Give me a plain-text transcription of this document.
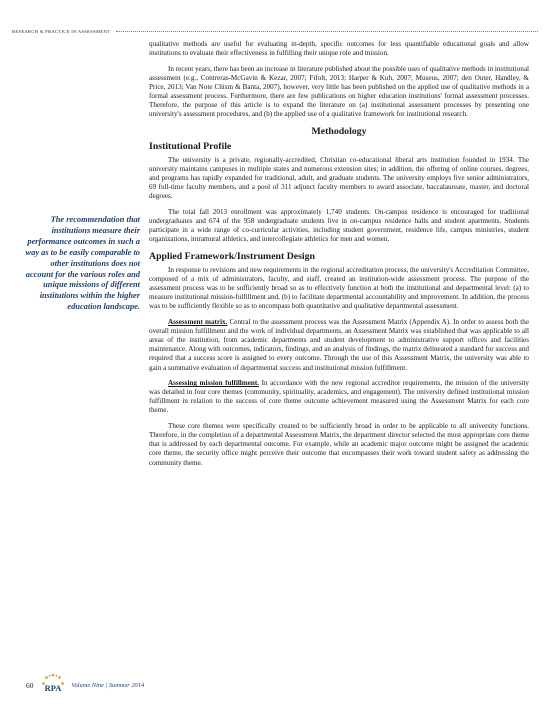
RESEARCH & PRACTICE IN ASSESSMENT
The recommendation that institutions measure their performance outcomes in such a way as to be easily comparable to other institutions does not account for the various roles and unique missions of different institutions within the higher education landscape.

qualitative methods are useful for evaluating in-depth, specific outcomes for less quantifiable educational goals and allow institutions to evaluate their effectiveness in fulfilling their unique role and mission.

In recent years, there has been an increase in literature published about the possible uses of qualitative methods in institutional assessment (e.g., Contreras-McGavin & Kezar, 2007; Fifolt, 2013; Harper & Kuh, 2007; Museus, 2007; den Outer, Handley, & Price, 2013; Van Note Chism & Banta, 2007), however, very little has been published on the applied use of qualitative methods in a formal assessment process. Furthermore, there are few publications on higher education institutions' formal assessment processes. Therefore, the purpose of this article is to expand the literature on (a) institutional assessment processes by presenting one university's assessment procedures, and (b) the applied use of a qualitative framework for institutional research.

Methodology
Institutional Profile

The university is a private, regionally-accredited, Christian co-educational liberal arts institution founded in 1934. The university maintains campuses in multiple states and numerous extension sites; in addition, the offering of online courses, degrees, and programs has rapidly expanded for traditional, adult, and graduate students. The university employs five senior administrators, 69 full-time faculty members, and a pool of 311 adjunct faculty members to award associate, baccalaureate, master, and doctoral degrees.

The total fall 2013 enrollment was approximately 1,740 students. On-campus residence is encouraged for traditional undergraduates and 674 of the 958 undergraduate students live in on-campus residence halls and student apartments. Students participate in a wide range of co-curricular activities, including student government, residence life, campus ministries, student organizations, intramural athletics, and intercollegiate athletics for men and women.

Applied Framework/Instrument Design

In response to revisions and new requirements in the regional accreditation process, the university's Accreditation Committee, composed of a mix of administrators, faculty, and staff, created an institution-wide assessment process. The purpose of the assessment process was to be sufficiently broad so as to effectively function at both the institutional and departmental level: (a) to measure institutional mission-fulfillment and, (b) to facilitate departmental accountability and improvement. In addition, the process was to be sufficiently flexible so as to encompass both quantitative and qualitative departmental assessment.

Assessment matrix. Central to the assessment process was the Assessment Matrix (Appendix A). In order to assess both the overall mission fulfillment and the work of individual departments, an Assessment Matrix was established that was applicable to all areas of the institution, from academic departments and student development to administrative support offices and facilities maintenance. Along with outcomes, indicators, findings, and an analysis of findings, the matrix delineated a standard for success and required that a success score is assigned to every outcome. Through the use of this Assessment Matrix, the university was able to gain a summative evaluation of departmental success and institutional mission fulfillment.

Assessing mission fulfillment. In accordance with the new regional accreditor requirements, the mission of the university was detailed in four core themes (community, spirituality, academics, and engagement). The university defined institutional mission fulfillment in relation to the success of core theme outcome achievement measured using the Assessment Matrix for each core theme.

These core themes were specifically created to be sufficiently broad in order to be applicable to all university functions. Therefore, in the completion of a departmental Assessment Matrix, the department director selected the most appropriate core theme that is addressed by each departmental outcome. For example, while an academic major outcome might be assigned the academic core theme, the security office might perceive their outcome that encompasses their work toward student safety as addressing the community theme.

60 RPA Volume Nine | Summer 2014
